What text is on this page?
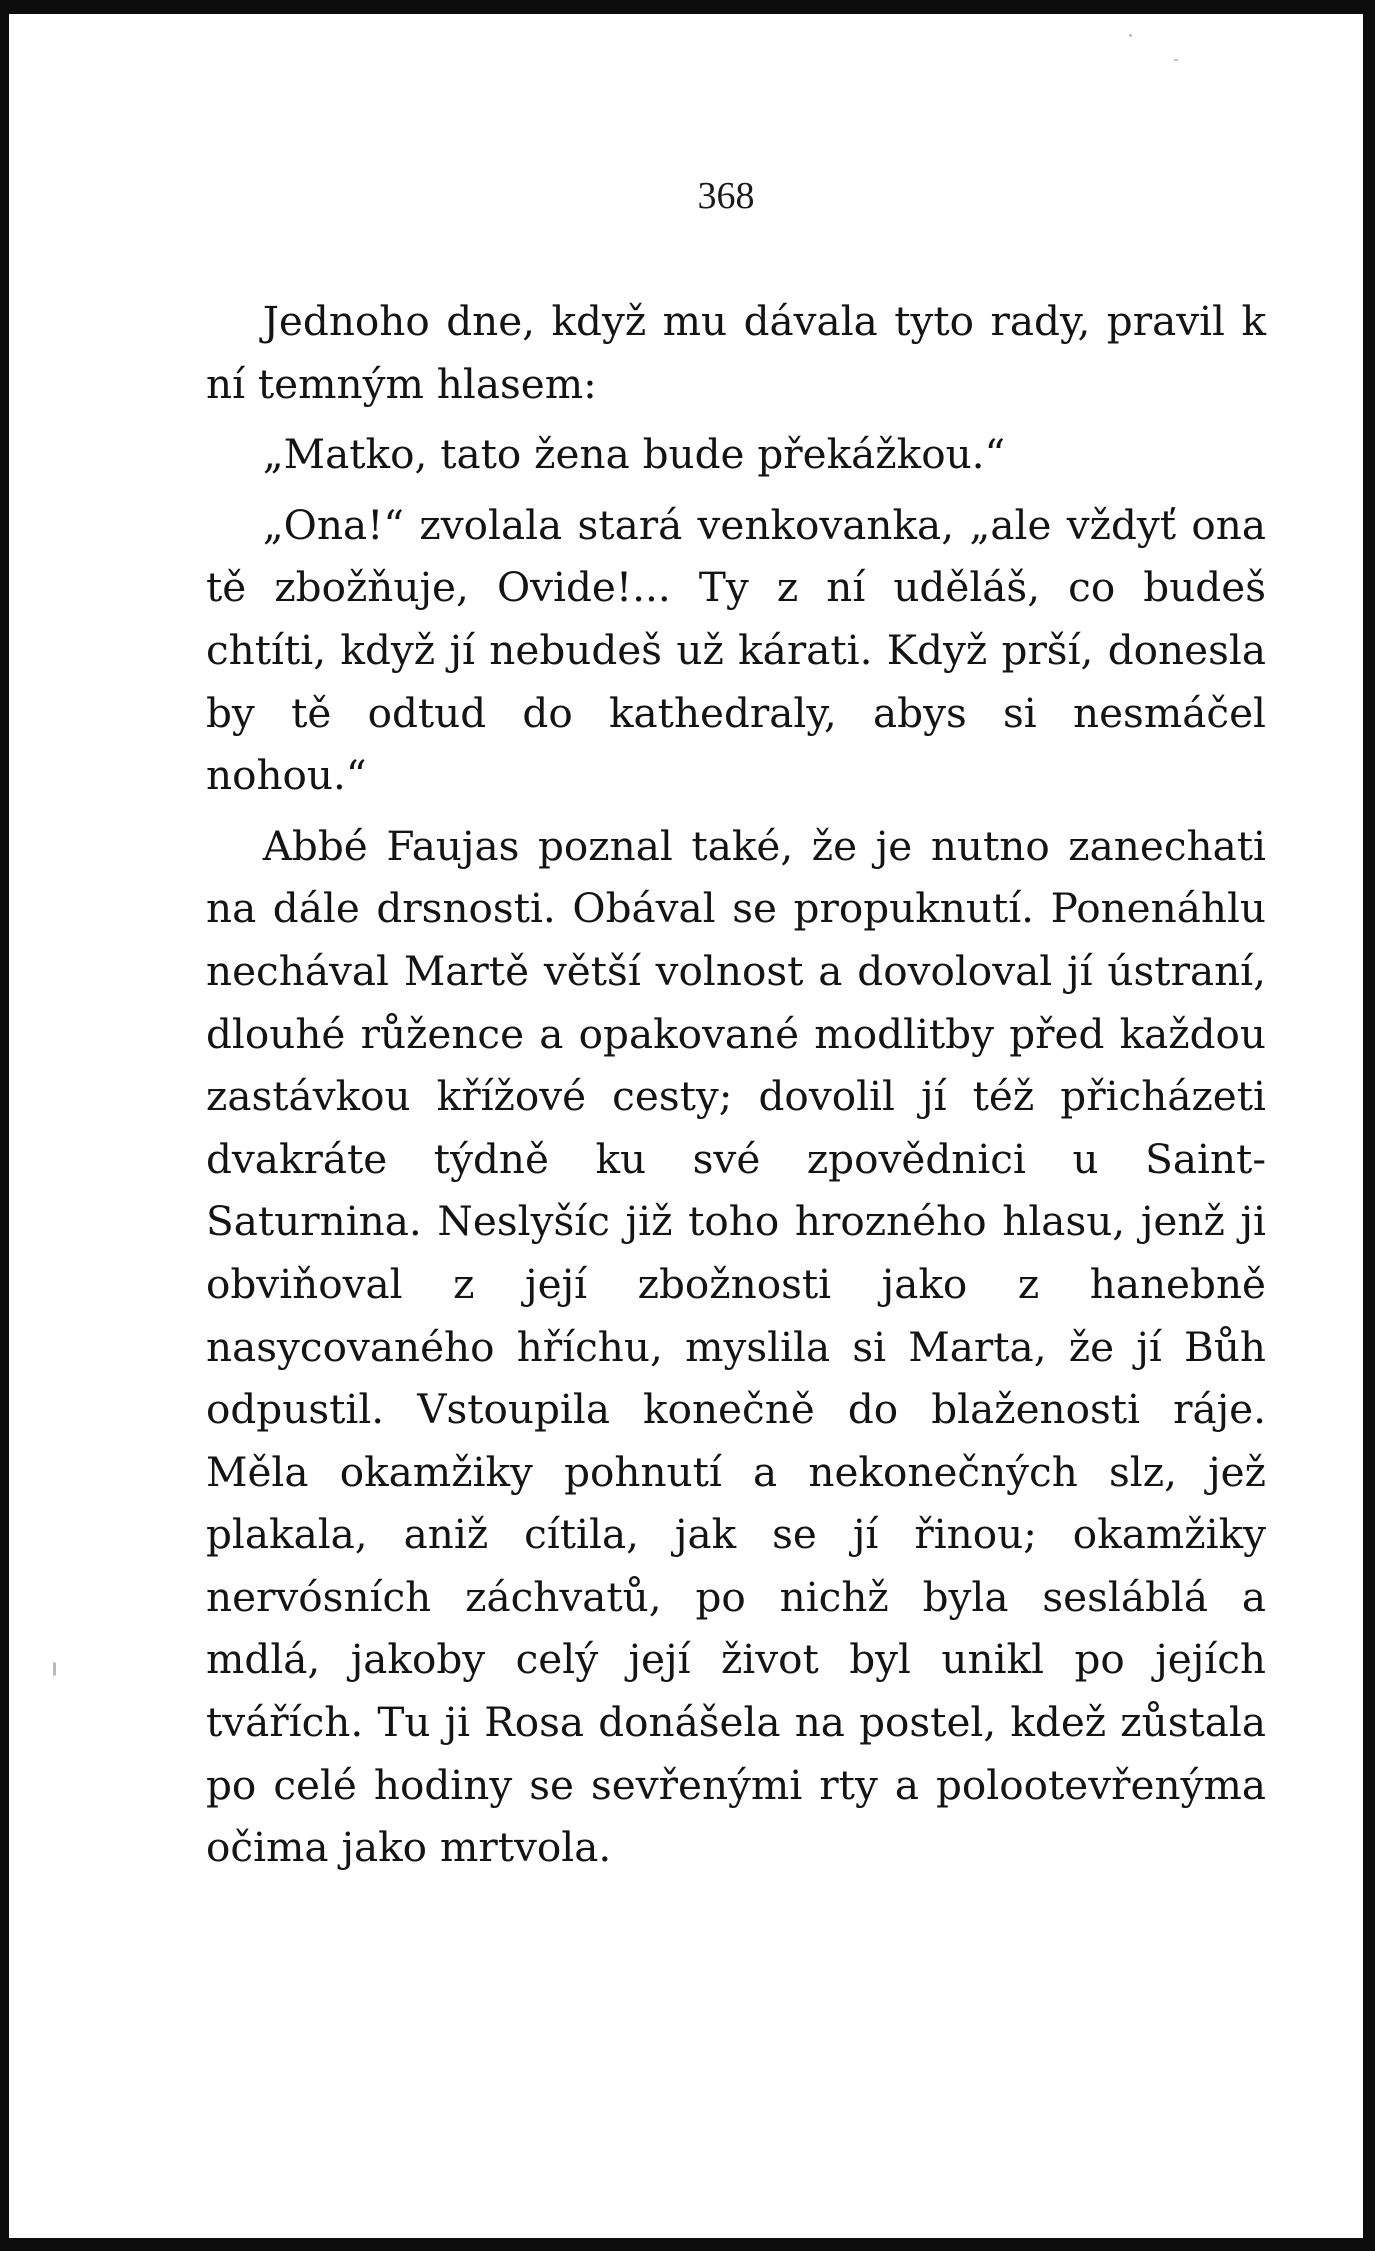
368

Jednoho dne, když mu dávala tyto rady, pravil k ní temným hlasem:

„Matko, tato žena bude překážkou.“

„Ona!“ zvolala stará venkovanka, „ale vždyť ona tě zbožňuje, Ovide!... Ty z ní uděláš, co budeš chtíti, když jí nebudeš už kárati. Když prší, donesla by tě odtud do kathedraly, abys si nesmáčel nohou.“

Abbé Faujas poznal také, že je nutno zanechati na dále drsnosti. Obával se propuknutí. Ponenáhlu nechával Martě větší volnost a dovoloval jí ústraní, dlouhé růžence a opakované modlitby před každou zastávkou křížové cesty; dovolil jí též přicházeti dvakráte týdně ku své zpovědnici u Saint-Saturnina. Neslyšíc již toho hrozného hlasu, jenž ji obviňoval z její zbožnosti jako z hanebně nasycovaného hříchu, myslila si Marta, že jí Bůh odpustil. Vstoupila konečně do blaženosti ráje. Měla okamžiky pohnutí a nekonečných slz, jež plakala, aniž cítila, jak se jí řinou; okamžiky nervósních záchvatů, po nichž byla sesláblá a mdlá, jakoby celý její život byl unikl po jejích tvářích. Tu ji Rosa donášela na postel, kdež zůstala po celé hodiny se sevřenými rty a polootevřenýma očima jako mrtvola.
